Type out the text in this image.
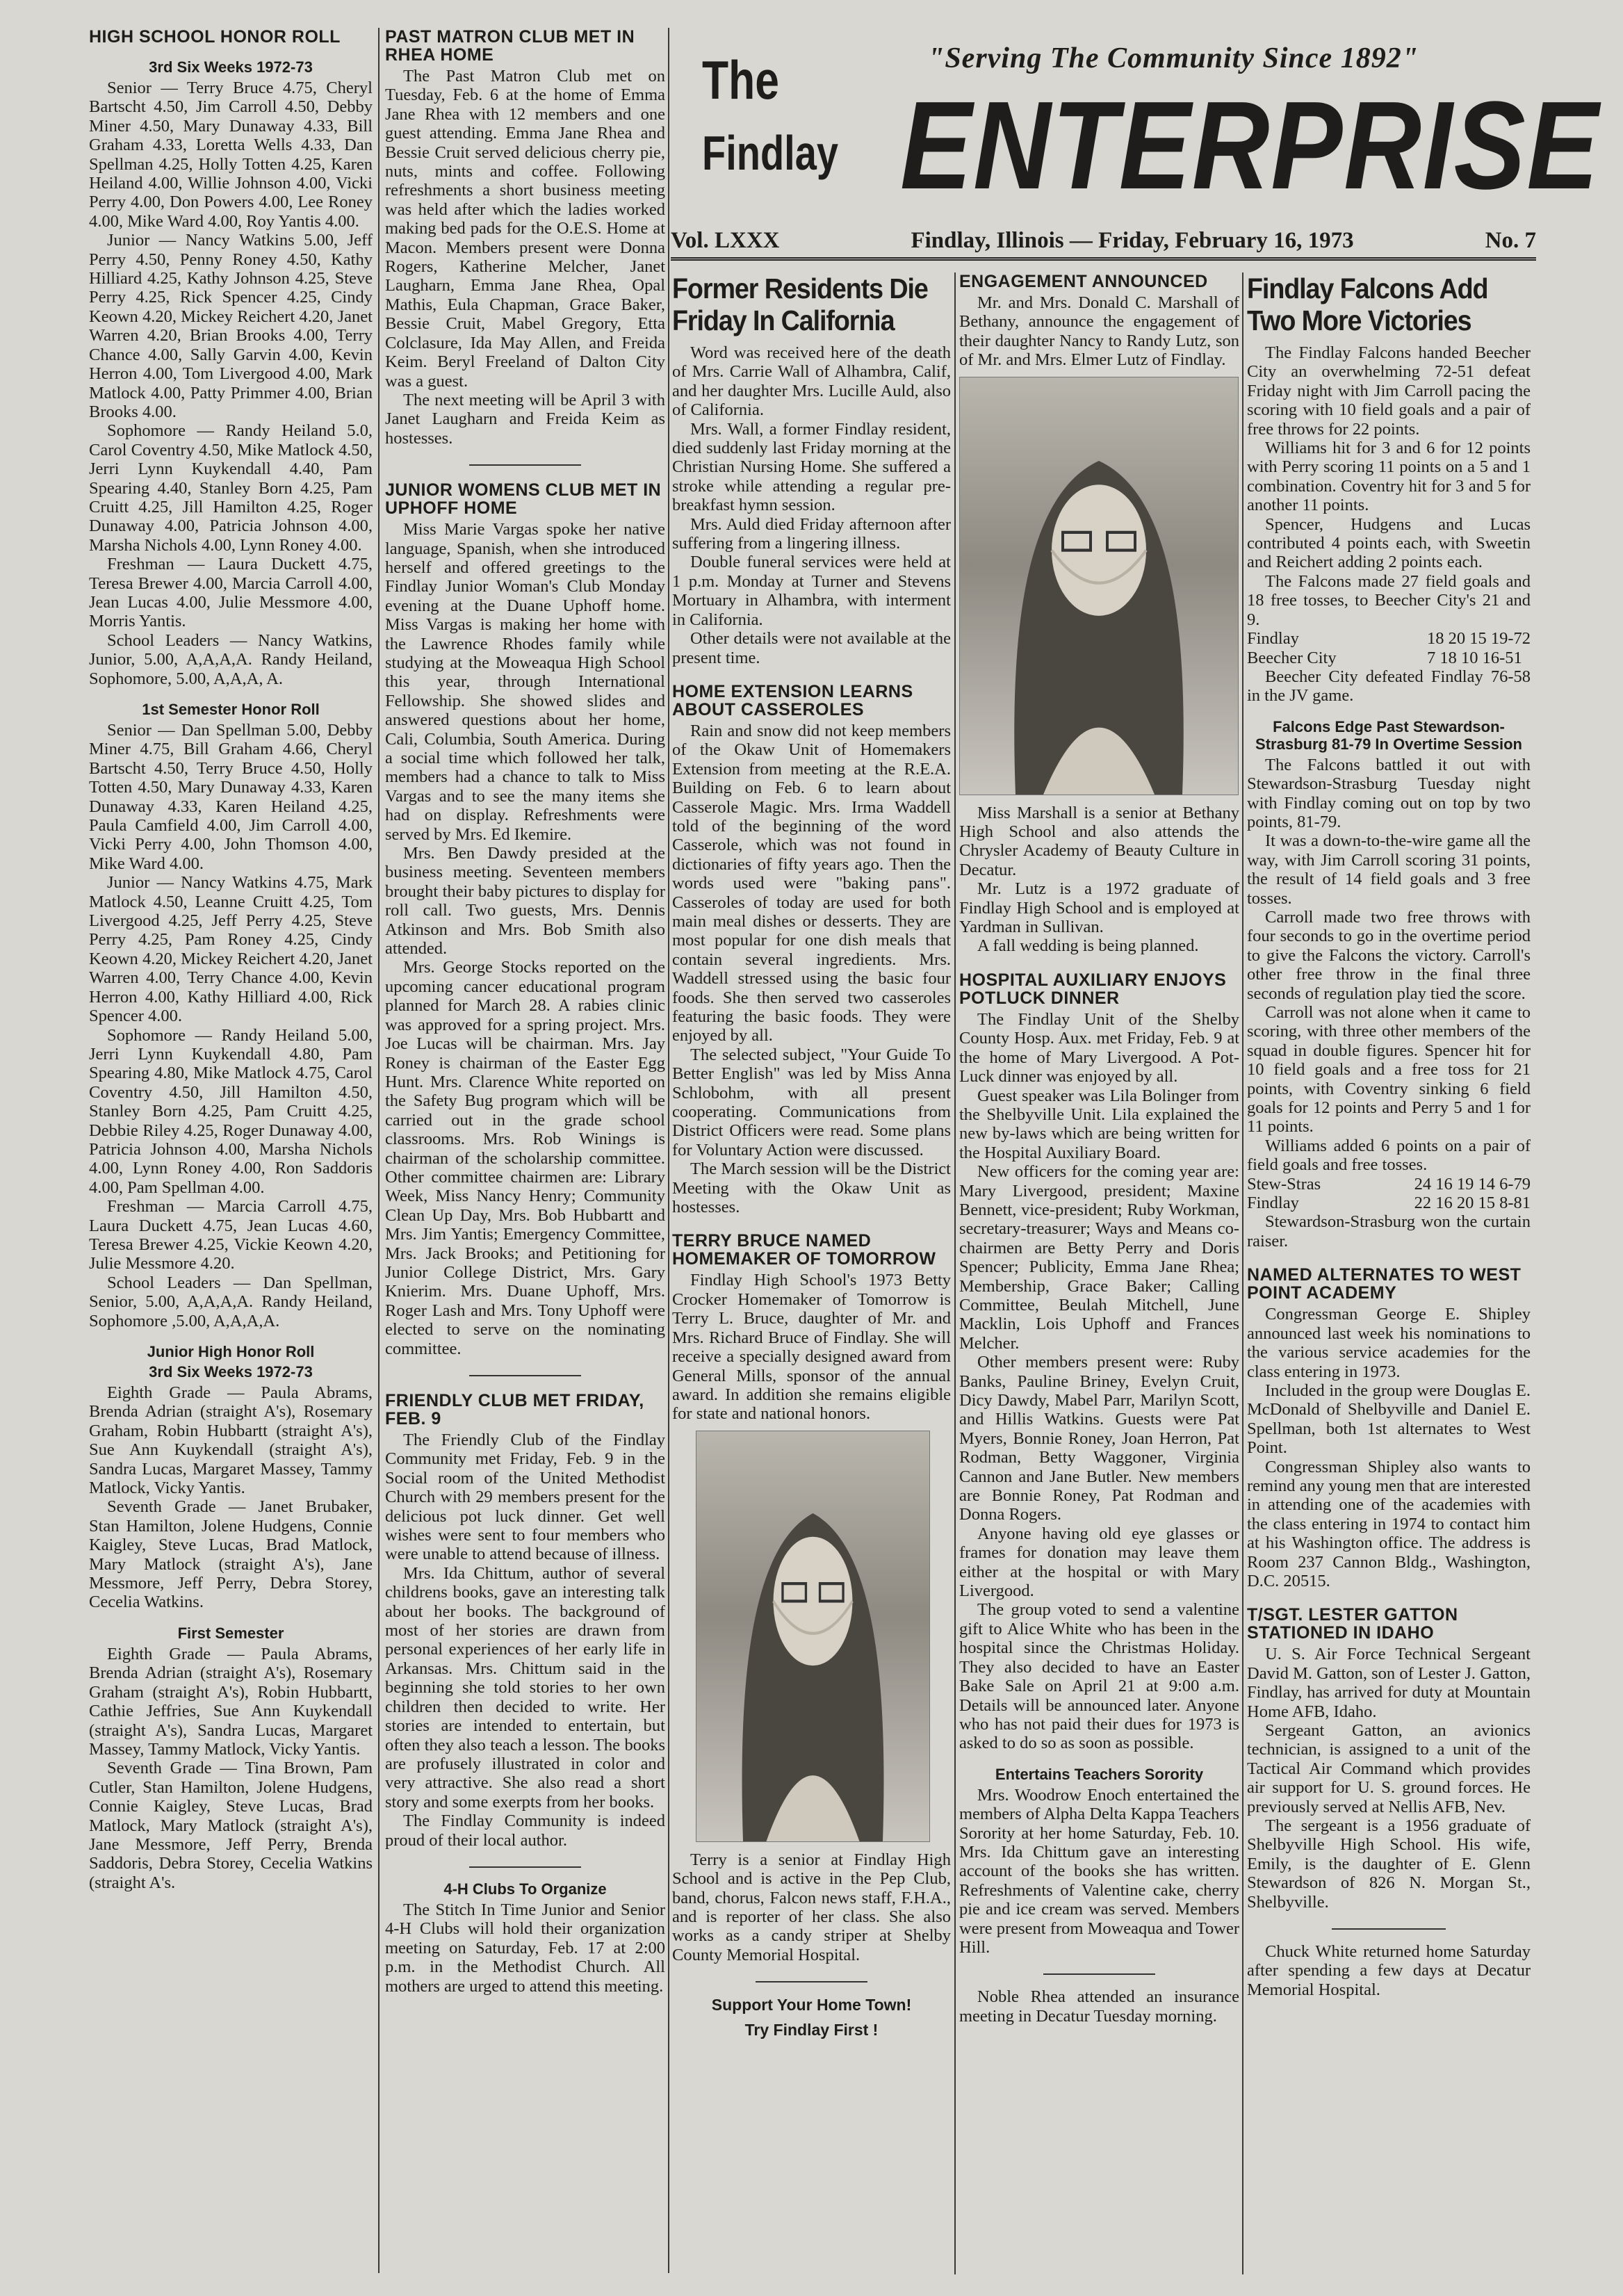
"Serving The Community Since 1892"
The
Findlay ENTERPRISE
Vol. LXXX	Findlay, Illinois — Friday, February 16, 1973	No. 7
HIGH SCHOOL HONOR ROLL
3rd Six Weeks 1972-73

Senior — Terry Bruce 4.75, Cheryl Bartscht 4.50, Jim Carroll 4.50, Debby Miner 4.50, Mary Dunaway 4.33, Bill Graham 4.33, Loretta Wells 4.33, Dan Spellman 4.25, Holly Totten 4.25, Karen Heiland 4.00, Willie Johnson 4.00, Vicki Perry 4.00, Don Powers 4.00, Lee Roney 4.00, Mike Ward 4.00, Roy Yantis 4.00.

Junior — Nancy Watkins 5.00, Jeff Perry 4.50, Penny Roney 4.50, Kathy Hilliard 4.25, Kathy Johnson 4.25, Steve Perry 4.25, Rick Spencer 4.25, Cindy Keown 4.20, Mickey Reichert 4.20, Janet Warren 4.20, Brian Brooks 4.00, Terry Chance 4.00, Sally Garvin 4.00, Kevin Herron 4.00, Tom Livergood 4.00, Mark Matlock 4.00, Patty Primmer 4.00, Brian Brooks 4.00.

Sophomore — Randy Heiland 5.0, Carol Coventry 4.50, Mike Matlock 4.50, Jerri Lynn Kuykendall 4.40, Pam Spearing 4.40, Stanley Born 4.25, Pam Cruitt 4.25, Jill Hamilton 4.25, Roger Dunaway 4.00, Patricia Johnson 4.00, Marsha Nichols 4.00, Lynn Roney 4.00.

Freshman — Laura Duckett 4.75, Teresa Brewer 4.00, Marcia Carroll 4.00, Jean Lucas 4.00, Julie Messmore 4.00, Morris Yantis.

School Leaders — Nancy Watkins, Junior, 5.00, A,A,A,A. Randy Heiland, Sophomore, 5.00, A,A,A, A.

1st Semester Honor Roll

Senior — Dan Spellman 5.00, Debby Miner 4.75, Bill Graham 4.66, Cheryl Bartscht 4.50, Terry Bruce 4.50, Holly Totten 4.50, Mary Dunaway 4.33, Karen Dunaway 4.33, Karen Heiland 4.25, Paula Camfield 4.00, Jim Carroll 4.00, Vicki Perry 4.00, John Thomson 4.00, Mike Ward 4.00.

Junior — Nancy Watkins 4.75, Mark Matlock 4.50, Leanne Cruitt 4.25, Tom Livergood 4.25, Jeff Perry 4.25, Steve Perry 4.25, Pam Roney 4.25, Cindy Keown 4.20, Mickey Reichert 4.20, Janet Warren 4.00, Terry Chance 4.00, Kevin Herron 4.00, Kathy Hilliard 4.00, Rick Spencer 4.00.

Sophomore — Randy Heiland 5.00, Jerri Lynn Kuykendall 4.80, Pam Spearing 4.80, Mike Matlock 4.75, Carol Coventry 4.50, Jill Hamilton 4.50, Stanley Born 4.25, Pam Cruitt 4.25, Debbie Riley 4.25, Roger Dunaway 4.00, Patricia Johnson 4.00, Marsha Nichols 4.00, Lynn Roney 4.00, Ron Saddoris 4.00, Pam Spellman 4.00.

Freshman — Marcia Carroll 4.75, Laura Duckett 4.75, Jean Lucas 4.60, Teresa Brewer 4.25, Vickie Keown 4.20, Julie Messmore 4.20.

School Leaders — Dan Spellman, Senior, 5.00, A,A,A,A. Randy Heiland, Sophomore ,5.00, A,A,A,A.

Junior High Honor Roll
3rd Six Weeks 1972-73

Eighth Grade — Paula Abrams, Brenda Adrian (straight A's), Rosemary Graham, Robin Hubbartt (straight A's), Sue Ann Kuykendall (straight A's), Sandra Lucas, Margaret Massey, Tammy Matlock, Vicky Yantis.

Seventh Grade — Janet Brubaker, Stan Hamilton, Jolene Hudgens, Connie Kaigley, Steve Lucas, Brad Matlock, Mary Matlock (straight A's), Jane Messmore, Jeff Perry, Debra Storey, Cecelia Watkins.

First Semester

Eighth Grade — Paula Abrams, Brenda Adrian (straight A's), Rosemary Graham (straight A's), Robin Hubbartt, Cathie Jeffries, Sue Ann Kuykendall (straight A's), Sandra Lucas, Margaret Massey, Tammy Matlock, Vicky Yantis.

Seventh Grade — Tina Brown, Pam Cutler, Stan Hamilton, Jolene Hudgens, Connie Kaigley, Steve Lucas, Brad Matlock, Mary Matlock (straight A's), Jane Messmore, Jeff Perry, Brenda Saddoris, Debra Storey, Cecelia Watkins (straight A's.

PAST MATRON CLUB MET IN RHEA HOME

The Past Matron Club met on Tuesday, Feb. 6 at the home of Emma Jane Rhea with 12 members and one guest attending. Emma Jane Rhea and Bessie Cruit served delicious cherry pie, nuts, mints and coffee. Following refreshments a short business meeting was held after which the ladies worked making bed pads for the O.E.S. Home at Macon. Members present were Donna Rogers, Katherine Melcher, Janet Laugharn, Emma Jane Rhea, Opal Mathis, Eula Chapman, Grace Baker, Bessie Cruit, Mabel Gregory, Etta Colclasure, Ida May Allen, and Freida Keim. Beryl Freeland of Dalton City was a guest.

The next meeting will be April 3 with Janet Laugharn and Freida Keim as hostesses.

JUNIOR WOMENS CLUB MET IN UPHOFF HOME

Miss Marie Vargas spoke her native language, Spanish, when she introduced herself and offered greetings to the Findlay Junior Woman's Club Monday evening at the Duane Uphoff home. Miss Vargas is making her home with the Lawrence Rhodes family while studying at the Moweaqua High School this year, through International Fellowship. She showed slides and answered questions about her home, Cali, Columbia, South America. During a social time which followed her talk, members had a chance to talk to Miss Vargas and to see the many items she had on display. Refreshments were served by Mrs. Ed Ikemire.

Mrs. Ben Dawdy presided at the business meeting. Seventeen members brought their baby pictures to display for roll call. Two guests, Mrs. Dennis Atkinson and Mrs. Bob Smith also attended.

Mrs. George Stocks reported on the upcoming cancer educational program planned for March 28. A rabies clinic was approved for a spring project. Mrs. Joe Lucas will be chairman. Mrs. Jay Roney is chairman of the Easter Egg Hunt. Mrs. Clarence White reported on the Safety Bug program which will be carried out in the grade school classrooms. Mrs. Rob Winings is chairman of the scholarship committee. Other committee chairmen are: Library Week, Miss Nancy Henry; Community Clean Up Day, Mrs. Bob Hubbartt and Mrs. Jim Yantis; Emergency Committee, Mrs. Jack Brooks; and Petitioning for Junior College District, Mrs. Gary Knierim. Mrs. Duane Uphoff, Mrs. Roger Lash and Mrs. Tony Uphoff were elected to serve on the nominating committee.

FRIENDLY CLUB MET FRIDAY, FEB. 9

The Friendly Club of the Findlay Community met Friday, Feb. 9 in the Social room of the United Methodist Church with 29 members present for the delicious pot luck dinner. Get well wishes were sent to four members who were unable to attend because of illness.

Mrs. Ida Chittum, author of several childrens books, gave an interesting talk about her books. The background of most of her stories are drawn from personal experiences of her early life in Arkansas. Mrs. Chittum said in the beginning she told stories to her own children then decided to write. Her stories are intended to entertain, but often they also teach a lesson. The books are profusely illustrated in color and very attractive. She also read a short story and some exerpts from her books.

The Findlay Community is indeed proud of their local author.

4-H Clubs To Organize

The Stitch In Time Junior and Senior 4-H Clubs will hold their organization meeting on Saturday, Feb. 17 at 2:00 p.m. in the Methodist Church. All mothers are urged to attend this meeting.

Former Residents Die Friday In California

Word was received here of the death of Mrs. Carrie Wall of Alhambra, Calif, and her daughter Mrs. Lucille Auld, also of California.

Mrs. Wall, a former Findlay resident, died suddenly last Friday morning at the Christian Nursing Home. She suffered a stroke while attending a regular pre-breakfast hymn session.

Mrs. Auld died Friday afternoon after suffering from a lingering illness.

Double funeral services were held at 1 p.m. Monday at Turner and Stevens Mortuary in Alhambra, with interment in California.

Other details were not available at the present time.

HOME EXTENSION LEARNS ABOUT CASSEROLES

Rain and snow did not keep members of the Okaw Unit of Homemakers Extension from meeting at the R.E.A. Building on Feb. 6 to learn about Casserole Magic. Mrs. Irma Waddell told of the beginning of the word Casserole, which was not found in dictionaries of fifty years ago. Then the words used were "baking pans". Casseroles of today are used for both main meal dishes or desserts. They are most popular for one dish meals that contain several ingredients. Mrs. Waddell stressed using the basic four foods. She then served two casseroles featuring the basic foods. They were enjoyed by all.

The selected subject, "Your Guide To Better English" was led by Miss Anna Schlobohm, with all present cooperating. Communications from District Officers were read. Some plans for Voluntary Action were discussed.

The March session will be the District Meeting with the Okaw Unit as hostesses.

TERRY BRUCE NAMED HOMEMAKER OF TOMORROW

Findlay High School's 1973 Betty Crocker Homemaker of Tomorrow is Terry L. Bruce, daughter of Mr. and Mrs. Richard Bruce of Findlay. She will receive a specially designed award from General Mills, sponsor of the annual award. In addition she remains eligible for state and national honors.

Terry is a senior at Findlay High School and is active in the Pep Club, band, chorus, Falcon news staff, F.H.A., and is reporter of her class. She also works as a candy striper at Shelby County Memorial Hospital.

Support Your Home Town!
Try Findlay First !
ENGAGEMENT ANNOUNCED

Mr. and Mrs. Donald C. Marshall of Bethany, announce the engagement of their daughter Nancy to Randy Lutz, son of Mr. and Mrs. Elmer Lutz of Findlay.

Miss Marshall is a senior at Bethany High School and also attends the Chrysler Academy of Beauty Culture in Decatur.

Mr. Lutz is a 1972 graduate of Findlay High School and is employed at Yardman in Sullivan.

A fall wedding is being planned.

HOSPITAL AUXILIARY ENJOYS POTLUCK DINNER

The Findlay Unit of the Shelby County Hosp. Aux. met Friday, Feb. 9 at the home of Mary Livergood. A Pot-Luck dinner was enjoyed by all.

Guest speaker was Lila Bolinger from the Shelbyville Unit. Lila explained the new by-laws which are being written for the Hospital Auxiliary Board.

New officers for the coming year are: Mary Livergood, president; Maxine Bennett, vice-president; Ruby Workman, secretary-treasurer; Ways and Means co-chairmen are Betty Perry and Doris Spencer; Publicity, Emma Jane Rhea; Membership, Grace Baker; Calling Committee, Beulah Mitchell, June Macklin, Lois Uphoff and Frances Melcher.

Other members present were: Ruby Banks, Pauline Briney, Evelyn Cruit, Dicy Dawdy, Mabel Parr, Marilyn Scott, and Hillis Watkins. Guests were Pat Myers, Bonnie Roney, Joan Herron, Pat Rodman, Betty Waggoner, Virginia Cannon and Jane Butler. New members are Bonnie Roney, Pat Rodman and Donna Rogers.

Anyone having old eye glasses or frames for donation may leave them either at the hospital or with Mary Livergood.

The group voted to send a valentine gift to Alice White who has been in the hospital since the Christmas Holiday. They also decided to have an Easter Bake Sale on April 21 at 9:00 a.m. Details will be announced later. Anyone who has not paid their dues for 1973 is asked to do so as soon as possible.

Entertains Teachers Sorority

Mrs. Woodrow Enoch entertained the members of Alpha Delta Kappa Teachers Sorority at her home Saturday, Feb. 10. Mrs. Ida Chittum gave an interesting account of the books she has written. Refreshments of Valentine cake, cherry pie and ice cream was served. Members were present from Moweaqua and Tower Hill.

Noble Rhea attended an insurance meeting in Decatur Tuesday morning.

Findlay Falcons Add Two More Victories

The Findlay Falcons handed Beecher City an overwhelming 72-51 defeat Friday night with Jim Carroll pacing the scoring with 10 field goals and a pair of free throws for 22 points.

Williams hit for 3 and 6 for 12 points with Perry scoring 11 points on a 5 and 1 combination. Coventry hit for 3 and 5 for another 11 points.

Spencer, Hudgens and Lucas contributed 4 points each, with Sweetin and Reichert adding 2 points each.

The Falcons made 27 field goals and 18 free tosses, to Beecher City's 21 and 9.

Findlay	18 20 15 19-72
Beecher City	7 18 10 16-51

Beecher City defeated Findlay 76-58 in the JV game.

Falcons Edge Past Stewardson-Strasburg 81-79 In Overtime Session

The Falcons battled it out with Stewardson-Strasburg Tuesday night with Findlay coming out on top by two points, 81-79.

It was a down-to-the-wire game all the way, with Jim Carroll scoring 31 points, the result of 14 field goals and 3 free tosses.

Carroll made two free throws with four seconds to go in the overtime period to give the Falcons the victory. Carroll's other free throw in the final three seconds of regulation play tied the score.

Carroll was not alone when it came to scoring, with three other members of the squad in double figures. Spencer hit for 10 field goals and a free toss for 21 points, with Coventry sinking 6 field goals for 12 points and Perry 5 and 1 for 11 points.

Williams added 6 points on a pair of field goals and free tosses.

Stew-Stras	24 16 19 14 6-79
Findlay	22 16 20 15 8-81

Stewardson-Strasburg won the curtain raiser.

NAMED ALTERNATES TO WEST POINT ACADEMY

Congressman George E. Shipley announced last week his nominations to the various service academies for the class entering in 1973.

Included in the group were Douglas E. McDonald of Shelbyville and Daniel E. Spellman, both 1st alternates to West Point.

Congressman Shipley also wants to remind any young men that are interested in attending one of the academies with the class entering in 1974 to contact him at his Washington office. The address is Room 237 Cannon Bldg., Washington, D.C. 20515.

T/SGT. LESTER GATTON STATIONED IN IDAHO

U. S. Air Force Technical Sergeant David M. Gatton, son of Lester J. Gatton, Findlay, has arrived for duty at Mountain Home AFB, Idaho.

Sergeant Gatton, an avionics technician, is assigned to a unit of the Tactical Air Command which provides air support for U. S. ground forces. He previously served at Nellis AFB, Nev.

The sergeant is a 1956 graduate of Shelbyville High School. His wife, Emily, is the daughter of E. Glenn Stewardson of 826 N. Morgan St., Shelbyville.

Chuck White returned home Saturday after spending a few days at Decatur Memorial Hospital.
